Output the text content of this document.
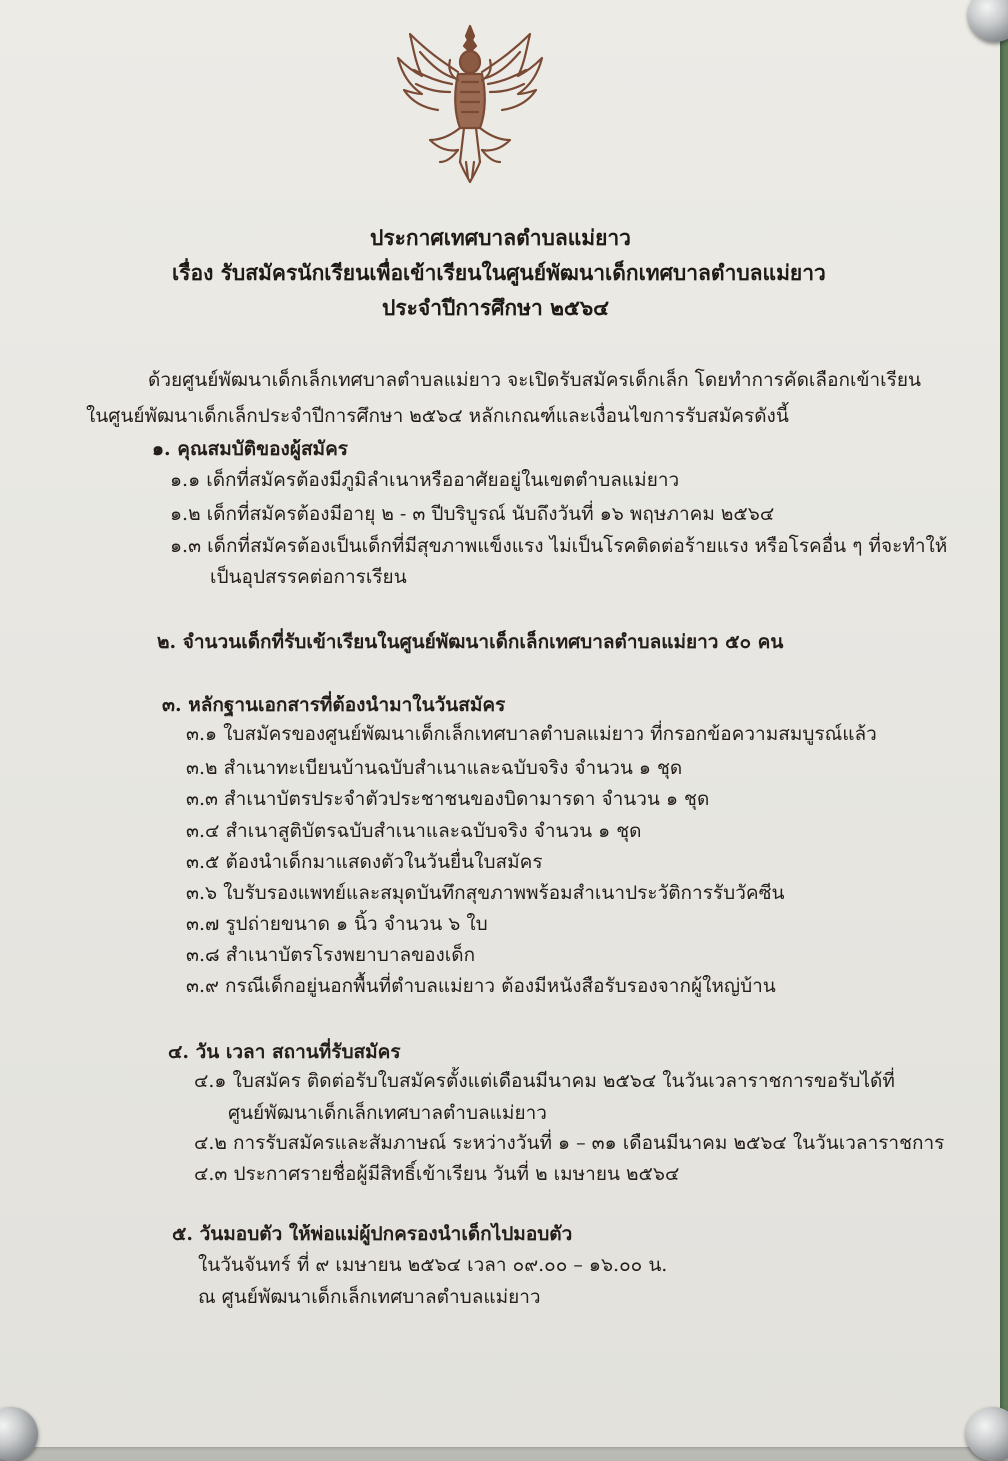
ประกาศเทศบาลตำบลแม่ยาว

เรื่อง รับสมัครนักเรียนเพื่อเข้าเรียนในศูนย์พัฒนาเด็กเทศบาลตำบลแม่ยาว

ประจำปีการศึกษา ๒๕๖๔

ด้วยศูนย์พัฒนาเด็กเล็กเทศบาลตำบลแม่ยาว จะเปิดรับสมัครเด็กเล็ก โดยทำการคัดเลือกเข้าเรียน

ในศูนย์พัฒนาเด็กเล็กประจำปีการศึกษา ๒๕๖๔ หลักเกณฑ์และเงื่อนไขการรับสมัครดังนี้

๑. คุณสมบัติของผู้สมัคร

๑.๑ เด็กที่สมัครต้องมีภูมิลำเนาหรืออาศัยอยู่ในเขตตำบลแม่ยาว

๑.๒ เด็กที่สมัครต้องมีอายุ ๒ - ๓ ปีบริบูรณ์ นับถึงวันที่ ๑๖ พฤษภาคม ๒๕๖๔

๑.๓ เด็กที่สมัครต้องเป็นเด็กที่มีสุขภาพแข็งแรง ไม่เป็นโรคติดต่อร้ายแรง หรือโรคอื่น ๆ ที่จะทำให้

เป็นอุปสรรคต่อการเรียน

๒. จำนวนเด็กที่รับเข้าเรียนในศูนย์พัฒนาเด็กเล็กเทศบาลตำบลแม่ยาว ๕๐ คน

๓. หลักฐานเอกสารที่ต้องนำมาในวันสมัคร

๓.๑ ใบสมัครของศูนย์พัฒนาเด็กเล็กเทศบาลตำบลแม่ยาว ที่กรอกข้อความสมบูรณ์แล้ว

๓.๒ สำเนาทะเบียนบ้านฉบับสำเนาและฉบับจริง จำนวน ๑ ชุด

๓.๓ สำเนาบัตรประจำตัวประชาชนของบิดามารดา จำนวน ๑ ชุด

๓.๔ สำเนาสูติบัตรฉบับสำเนาและฉบับจริง จำนวน ๑ ชุด

๓.๕ ต้องนำเด็กมาแสดงตัวในวันยื่นใบสมัคร

๓.๖ ใบรับรองแพทย์และสมุดบันทึกสุขภาพพร้อมสำเนาประวัติการรับวัคซีน

๓.๗ รูปถ่ายขนาด ๑ นิ้ว จำนวน ๖ ใบ

๓.๘ สำเนาบัตรโรงพยาบาลของเด็ก

๓.๙ กรณีเด็กอยู่นอกพื้นที่ตำบลแม่ยาว ต้องมีหนังสือรับรองจากผู้ใหญ่บ้าน

๔. วัน เวลา สถานที่รับสมัคร

๔.๑ ใบสมัคร ติดต่อรับใบสมัครตั้งแต่เดือนมีนาคม ๒๕๖๔ ในวันเวลาราชการขอรับได้ที่

ศูนย์พัฒนาเด็กเล็กเทศบาลตำบลแม่ยาว

๔.๒ การรับสมัครและสัมภาษณ์ ระหว่างวันที่ ๑ – ๓๑ เดือนมีนาคม ๒๕๖๔ ในวันเวลาราชการ

๔.๓ ประกาศรายชื่อผู้มีสิทธิ์เข้าเรียน วันที่ ๒ เมษายน ๒๕๖๔

๕. วันมอบตัว ให้พ่อแม่ผู้ปกครองนำเด็กไปมอบตัว

ในวันจันทร์ ที่ ๙ เมษายน ๒๕๖๔ เวลา ๐๙.๐๐ – ๑๖.๐๐ น.

ณ ศูนย์พัฒนาเด็กเล็กเทศบาลตำบลแม่ยาว
